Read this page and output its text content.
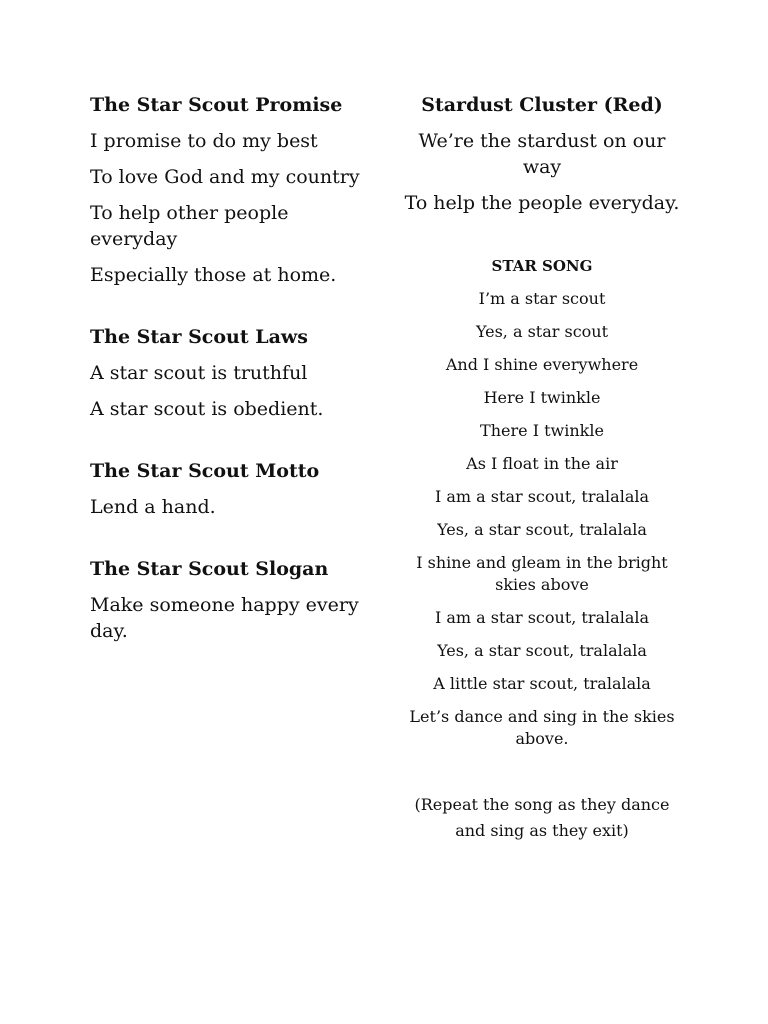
The Star Scout Promise

I promise to do my best

To love God and my country

To help other people everyday

Especially those at home.

The Star Scout Laws

A star scout is truthful

A star scout is obedient.

The Star Scout Motto

Lend a hand.

The Star Scout Slogan

Make someone happy every day.

Stardust Cluster (Red)

We’re the stardust on our way

To help the people everyday.

STAR SONG

I’m a star scout

Yes, a star scout

And I shine everywhere

Here I twinkle

There I twinkle

As I float in the air

I am a star scout, tralalala

Yes, a star scout, tralalala

I shine and gleam in the bright skies above

I am a star scout, tralalala

Yes, a star scout, tralalala

A little star scout, tralalala

Let’s dance and sing in the skies above.

(Repeat the song as they dance and sing as they exit)
